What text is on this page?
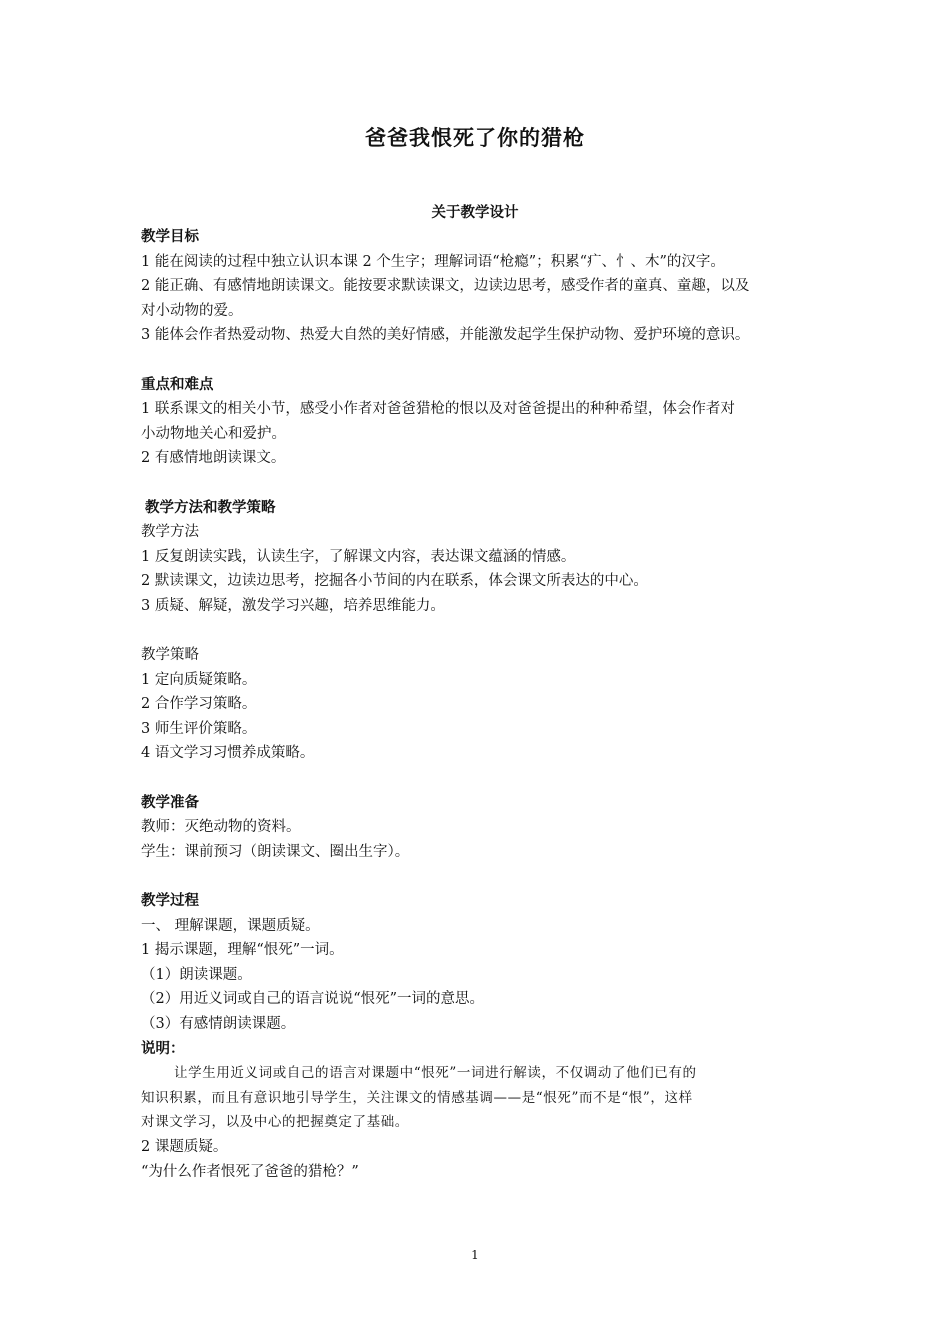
爸爸我恨死了你的猎枪
关于教学设计

教学目标

1 能在阅读的过程中独立认识本课 2 个生字；理解词语“枪瘾”；积累“疒、忄、木”的汉字。

2 能正确、有感情地朗读课文。能按要求默读课文，边读边思考，感受作者的童真、童趣，以及

对小动物的爱。

3 能体会作者热爱动物、热爱大自然的美好情感，并能激发起学生保护动物、爱护环境的意识。

重点和难点

1 联系课文的相关小节，感受小作者对爸爸猎枪的恨以及对爸爸提出的种种希望，体会作者对

小动物地关心和爱护。

2 有感情地朗读课文。

教学方法和教学策略

教学方法

1 反复朗读实践，认读生字，了解课文内容，表达课文蕴涵的情感。

2 默读课文，边读边思考，挖掘各小节间的内在联系，体会课文所表达的中心。

3 质疑、解疑，激发学习兴趣，培养思维能力。

教学策略

1 定向质疑策略。

2 合作学习策略。

3 师生评价策略。

4 语文学习习惯养成策略。

教学准备

教师：灭绝动物的资料。

学生：课前预习（朗读课文、圈出生字）。

教学过程

一、 理解课题，课题质疑。

1 揭示课题，理解“恨死”一词。

（1）朗读课题。

（2）用近义词或自己的语言说说“恨死”一词的意思。

（3）有感情朗读课题。

说明：

让学生用近义词或自己的语言对课题中“恨死”一词进行解读，不仅调动了他们已有的

知识积累，而且有意识地引导学生，关注课文的情感基调——是“恨死”而不是“恨”，这样

对课文学习，以及中心的把握奠定了基础。

2 课题质疑。

“为什么作者恨死了爸爸的猎枪？”

1
